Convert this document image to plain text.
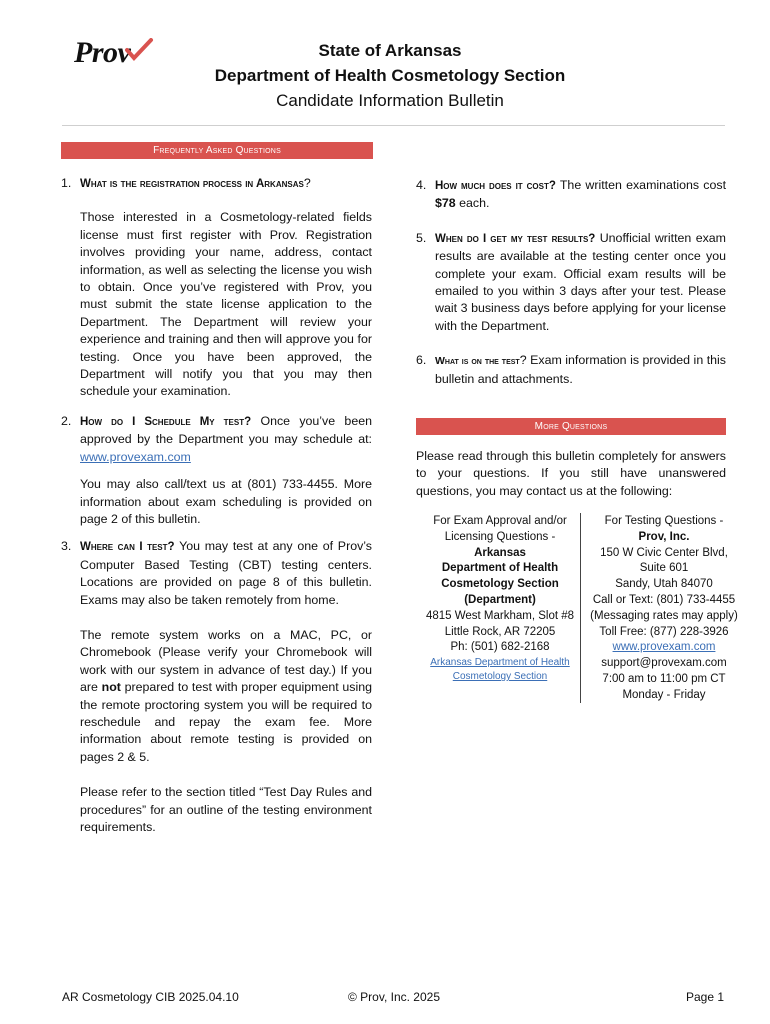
Prov	State of Arkansas
Department of Health Cosmetology Section
Candidate Information Bulletin
Frequently Asked Questions
1. What is the registration process in Arkansas?
Those interested in a Cosmetology-related fields license must first register with Prov. Registration involves providing your name, address, contact information, as well as selecting the license you wish to obtain. Once you’ve registered with Prov, you must submit the state license application to the Department. The Department will review your experience and training and then will approve you for testing. Once you have been approved, the Department will notify you that you may then schedule your examination.
2. How do I Schedule My test? Once you’ve been approved by the Department you may schedule at: www.provexam.com
You may also call/text us at (801) 733-4455. More information about exam scheduling is provided on page 2 of this bulletin.
3. Where can I test? You may test at any one of Prov’s Computer Based Testing (CBT) testing centers. Locations are provided on page 8 of this bulletin. Exams may also be taken remotely from home.
The remote system works on a MAC, PC, or Chromebook (Please verify your Chromebook will work with our system in advance of test day.) If you are not prepared to test with proper equipment using the remote proctoring system you will be required to reschedule and repay the exam fee. More information about remote testing is provided on pages 2 & 5.
Please refer to the section titled “Test Day Rules and procedures” for an outline of the testing environment requirements.
4. How much does it cost? The written examinations cost $78 each.
5. When do I get my test results? Unofficial written exam results are available at the testing center once you complete your exam. Official exam results will be emailed to you within 3 days after your test. Please wait 3 business days before applying for your license with the Department.
6. What is on the test? Exam information is provided in this bulletin and attachments.
More Questions
Please read through this bulletin completely for answers to your questions. If you still have unanswered questions, you may contact us at the following:
For Exam Approval and/or
Licensing Questions -
Arkansas
Department of Health
Cosmetology Section
(Department)
4815 West Markham, Slot #8
Little Rock, AR 72205
Ph: (501) 682-2168
Arkansas Department of Health
Cosmetology Section
For Testing Questions -
Prov, Inc.
150 W Civic Center Blvd,
Suite 601
Sandy, Utah 84070
Call or Text: (801) 733-4455
(Messaging rates may apply)
Toll Free: (877) 228-3926
www.provexam.com
support@provexam.com
7:00 am to 11:00 pm CT
Monday - Friday
AR Cosmetology CIB 2025.04.10	© Prov, Inc. 2025	Page 1
